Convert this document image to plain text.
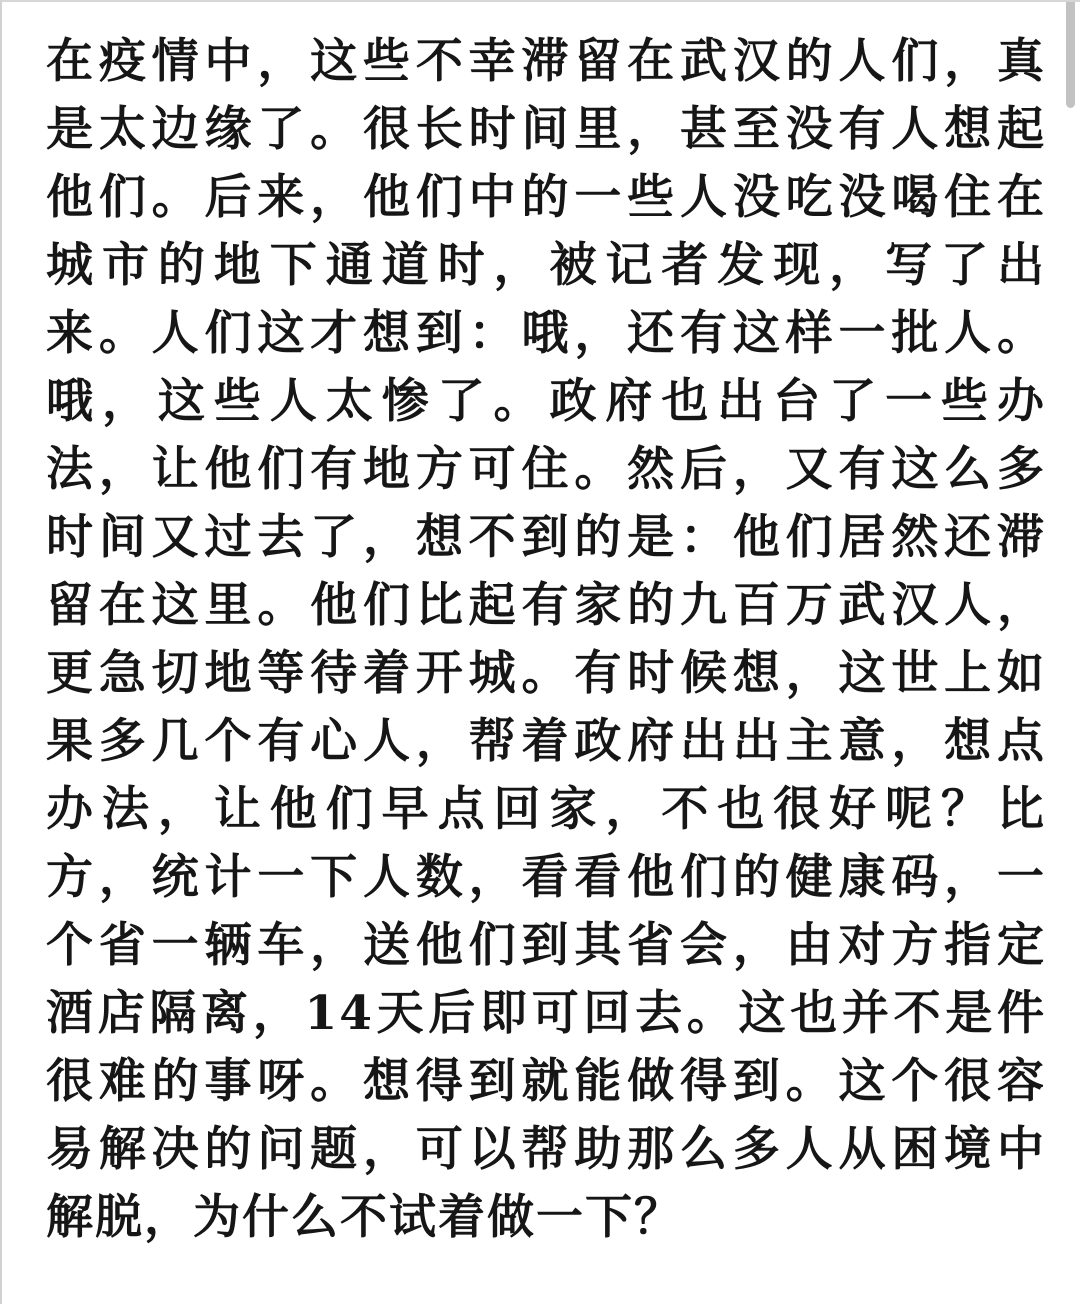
在疫情中，这些不幸滞留在武汉的人们，真
是太边缘了。很长时间里，甚至没有人想起
他们。后来，他们中的一些人没吃没喝住在
城市的地下通道时，被记者发现，写了出
来。人们这才想到：哦，还有这样一批人。
哦，这些人太惨了。政府也出台了一些办
法，让他们有地方可住。然后，又有这么多
时间又过去了，想不到的是：他们居然还滞
留在这里。他们比起有家的九百万武汉人，
更急切地等待着开城。有时候想，这世上如
果多几个有心人，帮着政府出出主意，想点
办法，让他们早点回家，不也很好呢？比
方，统计一下人数，看看他们的健康码，一
个省一辆车，送他们到其省会，由对方指定
酒店隔离，14天后即可回去。这也并不是件
很难的事呀。想得到就能做得到。这个很容
易解决的问题，可以帮助那么多人从困境中
解脱，为什么不试着做一下？
